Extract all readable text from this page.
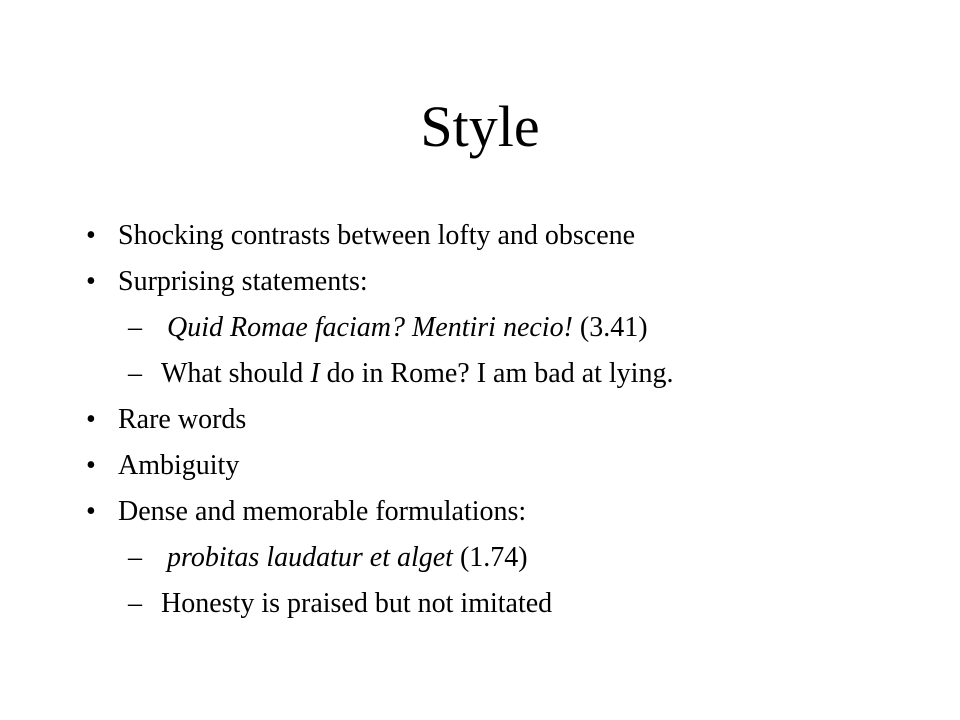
Style
• Shocking contrasts between lofty and obscene
• Surprising statements:
– Quid Romae faciam? Mentiri necio! (3.41)
– What should I do in Rome? I am bad at lying.
• Rare words
• Ambiguity
• Dense and memorable formulations:
– probitas laudatur et alget (1.74)
– Honesty is praised but not imitated
